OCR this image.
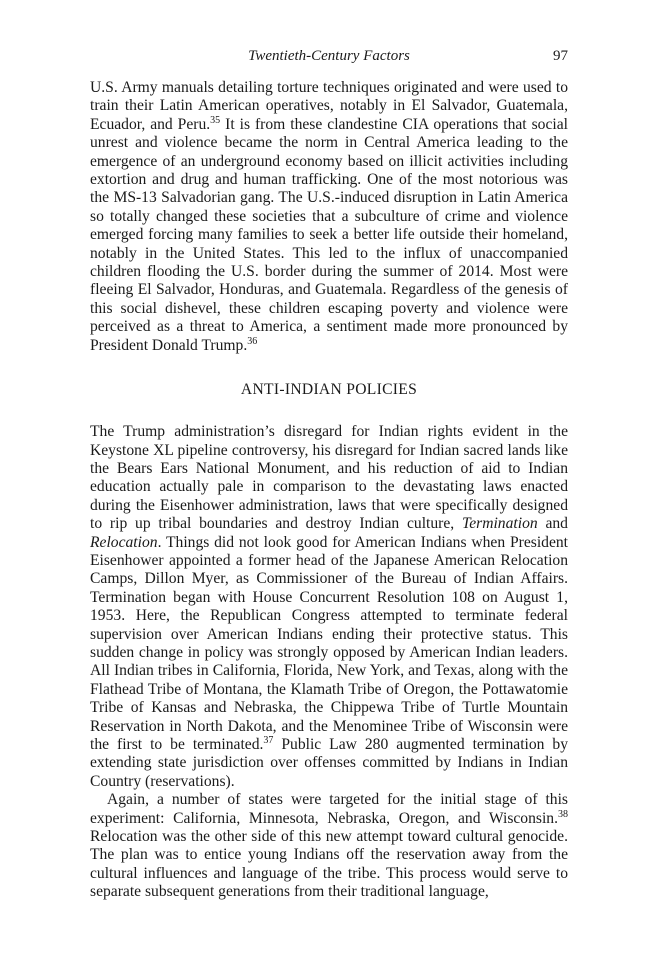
Twentieth-Century Factors	97

U.S. Army manuals detailing torture techniques originated and were used to train their Latin American operatives, notably in El Salvador, Guatemala, Ecuador, and Peru.$^{35}$ It is from these clandestine CIA operations that social unrest and violence became the norm in Central America leading to the emergence of an underground economy based on illicit activities including extortion and drug and human trafficking. One of the most notorious was the MS-13 Salvadorian gang. The U.S.-induced disruption in Latin America so totally changed these societies that a subculture of crime and violence emerged forcing many families to seek a better life outside their homeland, notably in the United States. This led to the influx of unaccompanied children flooding the U.S. border during the summer of 2014. Most were fleeing El Salvador, Honduras, and Guatemala. Regardless of the genesis of this social dishevel, these children escaping poverty and violence were perceived as a threat to America, a sentiment made more pronounced by President Donald Trump.$^{36}$

ANTI-INDIAN POLICIES

The Trump administration’s disregard for Indian rights evident in the Keystone XL pipeline controversy, his disregard for Indian sacred lands like the Bears Ears National Monument, and his reduction of aid to Indian education actually pale in comparison to the devastating laws enacted during the Eisenhower administration, laws that were specifically designed to rip up tribal boundaries and destroy Indian culture, Termination and Relocation. Things did not look good for American Indians when President Eisenhower appointed a former head of the Japanese American Relocation Camps, Dillon Myer, as Commissioner of the Bureau of Indian Affairs. Termination began with House Concurrent Resolution 108 on August 1, 1953. Here, the Republican Congress attempted to terminate federal supervision over American Indians ending their protective status. This sudden change in policy was strongly opposed by American Indian leaders. All Indian tribes in California, Florida, New York, and Texas, along with the Flathead Tribe of Montana, the Klamath Tribe of Oregon, the Pottawatomie Tribe of Kansas and Nebraska, the Chippewa Tribe of Turtle Mountain Reservation in North Dakota, and the Menominee Tribe of Wisconsin were the first to be terminated.$^{37}$ Public Law 280 augmented termination by extending state jurisdiction over offenses committed by Indians in Indian Country (reservations).

Again, a number of states were targeted for the initial stage of this experiment: California, Minnesota, Nebraska, Oregon, and Wisconsin.$^{38}$ Relocation was the other side of this new attempt toward cultural genocide. The plan was to entice young Indians off the reservation away from the cultural influences and language of the tribe. This process would serve to separate subsequent generations from their traditional language,
